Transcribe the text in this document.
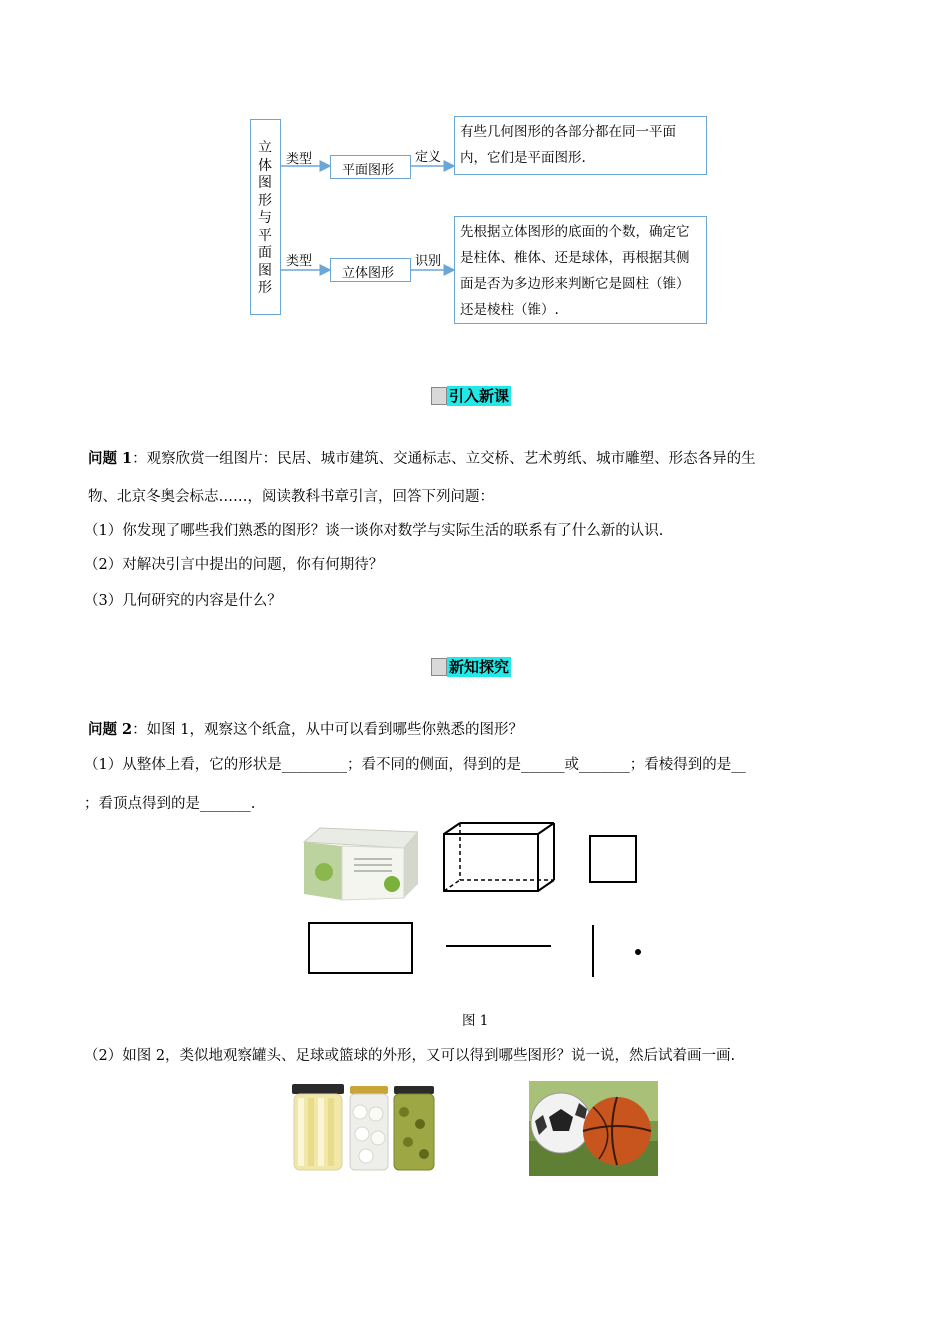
立
体
图
形
与
平
面
图
形
类型
类型
平面图形
立体图形
定义
识别
有些几何图形的各部分都在同一平面内，它们是平面图形.
先根据立体图形的底面的个数，确定它是柱体、椎体、还是球体，再根据其侧面是否为多边形来判断它是圆柱（锥）还是棱柱（锥）.
引入新课
问题 1：观察欣赏一组图片：民居、城市建筑、交通标志、立交桥、艺术剪纸、城市雕塑、形态各异的生
物、北京冬奥会标志……，阅读教科书章引言，回答下列问题：
（1）你发现了哪些我们熟悉的图形？谈一谈你对数学与实际生活的联系有了什么新的认识.
（2）对解决引言中提出的问题，你有何期待？
（3）几何研究的内容是什么？
新知探究
问题 2：如图 1，观察这个纸盒，从中可以看到哪些你熟悉的图形？
（1）从整体上看，它的形状是_________；看不同的侧面，得到的是______或_______；看棱得到的是__
；看顶点得到的是_______.
图 1
（2）如图 2，类似地观察罐头、足球或篮球的外形，又可以得到哪些图形？说一说，然后试着画一画.
